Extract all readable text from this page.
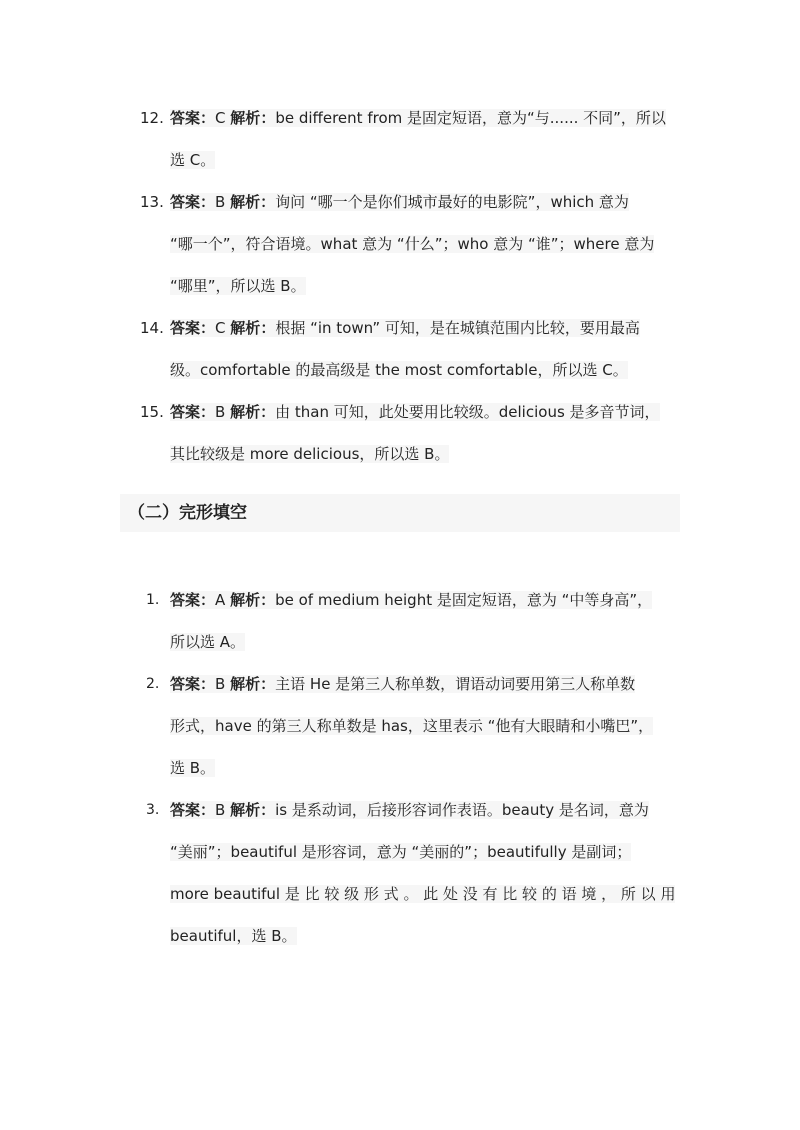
12. 答案：C 解析：be different from 是固定短语，意为“与...... 不同”，所以
选 C。
13. 答案：B 解析：询问 “哪一个是你们城市最好的电影院”，which 意为
“哪一个”，符合语境。what 意为 “什么”；who 意为 “谁”；where 意为
“哪里”，所以选 B。
14. 答案：C 解析：根据 “in town” 可知，是在城镇范围内比较，要用最高
级。comfortable 的最高级是 the most comfortable，所以选 C。
15. 答案：B 解析：由 than 可知，此处要用比较级。delicious 是多音节词，
其比较级是 more delicious，所以选 B。
（二）完形填空
1. 答案：A 解析：be of medium height 是固定短语，意为 “中等身高”，
所以选 A。
2. 答案：B 解析：主语 He 是第三人称单数，谓语动词要用第三人称单数
形式，have 的第三人称单数是 has，这里表示 “他有大眼睛和小嘴巴”，
选 B。
3. 答案：B 解析：is 是系动词，后接形容词作表语。beauty 是名词，意为
“美丽”；beautiful 是形容词，意为 “美丽的”；beautifully 是副词；
more beautiful 是 比 较 级 形 式 。 此 处 没 有 比 较 的 语 境 ， 所 以 用
beautiful，选 B。
